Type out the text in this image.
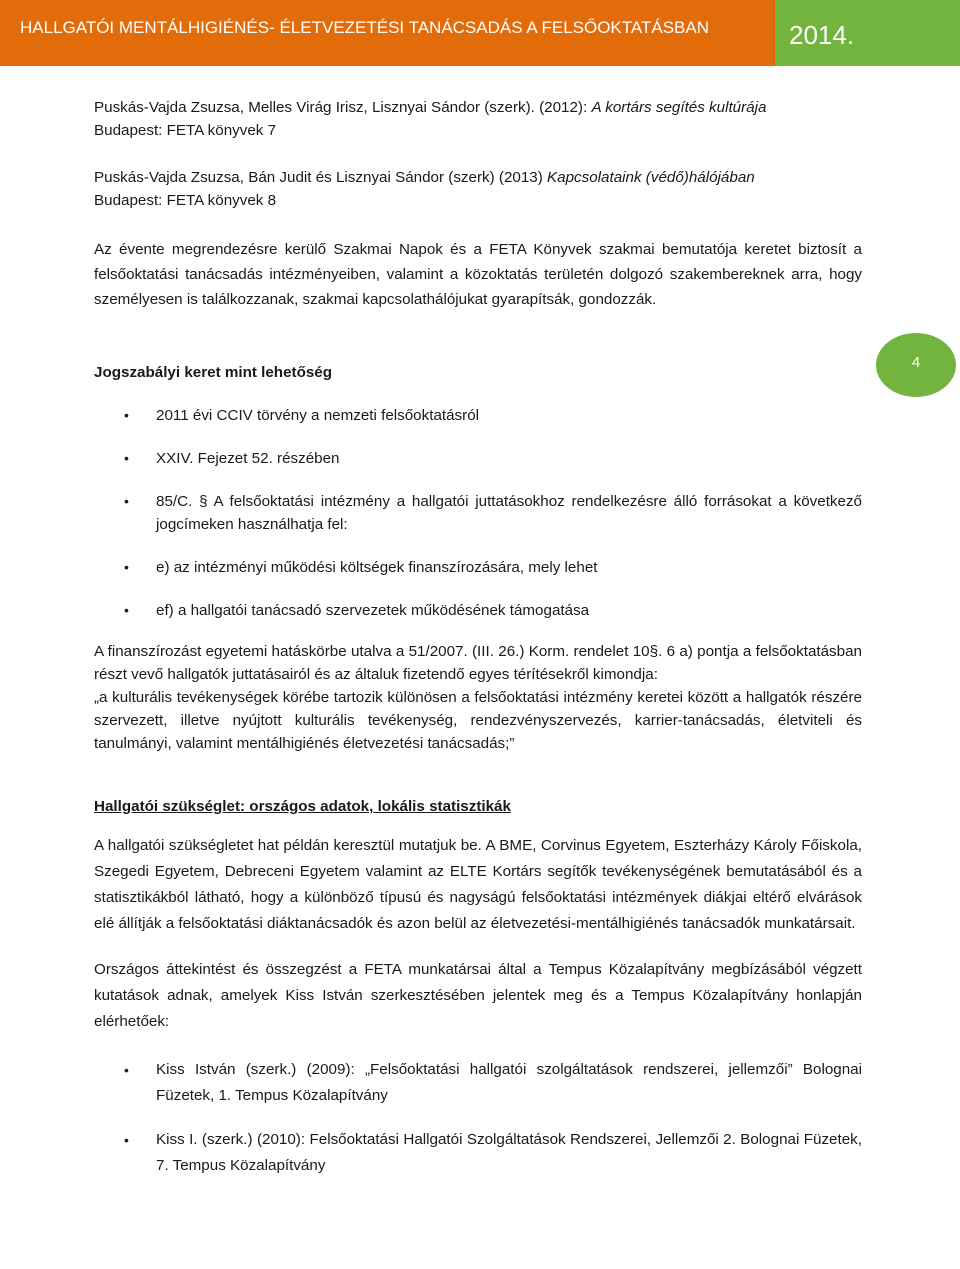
HALLGATÓI MENTÁLHIGIÉNÉS- ÉLETVEZETÉSI TANÁCSADÁS A FELSŐOKTATÁSBAN	2014.
4

Puskás-Vajda Zsuzsa, Melles Virág Irisz, Lisznyai Sándor (szerk). (2012): A kortárs segítés kultúrája
Budapest: FETA könyvek 7

Puskás-Vajda Zsuzsa, Bán Judit és Lisznyai Sándor (szerk) (2013) Kapcsolataink (védő)hálójában
Budapest: FETA könyvek 8

Az évente megrendezésre kerülő Szakmai Napok és a FETA Könyvek szakmai bemutatója keretet biztosít a felsőoktatási tanácsadás intézményeiben, valamint a közoktatás területén dolgozó szakembereknek arra, hogy személyesen is találkozzanak, szakmai kapcsolathálójukat gyarapítsák, gondozzák.

Jogszabályi keret mint lehetőség

• 2011 évi CCIV törvény a nemzeti felsőoktatásról
• XXIV. Fejezet 52. részében
• 85/C. § A felsőoktatási intézmény a hallgatói juttatásokhoz rendelkezésre álló forrásokat a következő jogcímeken használhatja fel:
• e) az intézményi működési költségek finanszírozására, mely lehet
• ef) a hallgatói tanácsadó szervezetek működésének támogatása

A finanszírozást egyetemi hatáskörbe utalva a 51/2007. (III. 26.) Korm. rendelet 10§. 6 a) pontja a felsőoktatásban részt vevő hallgatók juttatásairól és az általuk fizetendő egyes térítésekről kimondja:

„a kulturális tevékenységek körébe tartozik különösen a felsőoktatási intézmény keretei között a hallgatók részére szervezett, illetve nyújtott kulturális tevékenység, rendezvényszervezés, karrier-tanácsadás, életviteli és tanulmányi, valamint mentálhigiénés életvezetési tanácsadás;”

Hallgatói szükséglet: országos adatok, lokális statisztikák

A hallgatói szükségletet hat példán keresztül mutatjuk be. A BME, Corvinus Egyetem, Eszterházy Károly Főiskola, Szegedi Egyetem, Debreceni Egyetem valamint az ELTE Kortárs segítők tevékenységének bemutatásából és a statisztikákból látható, hogy a különböző típusú és nagyságú felsőoktatási intézmények diákjai eltérő elvárások elé állítják a felsőoktatási diáktanácsadók és azon belül az életvezetési-mentálhigiénés tanácsadók munkatársait.

Országos áttekintést és összegzést a FETA munkatársai által a Tempus Közalapítvány megbízásából végzett kutatások adnak, amelyek Kiss István szerkesztésében jelentek meg és a Tempus Közalapítvány honlapján elérhetőek:

• Kiss István (szerk.) (2009): „Felsőoktatási hallgatói szolgáltatások rendszerei, jellemzői” Bolognai Füzetek, 1. Tempus Közalapítvány
• Kiss I. (szerk.) (2010): Felsőoktatási Hallgatói Szolgáltatások Rendszerei, Jellemzői 2. Bolognai Füzetek, 7. Tempus Közalapítvány
